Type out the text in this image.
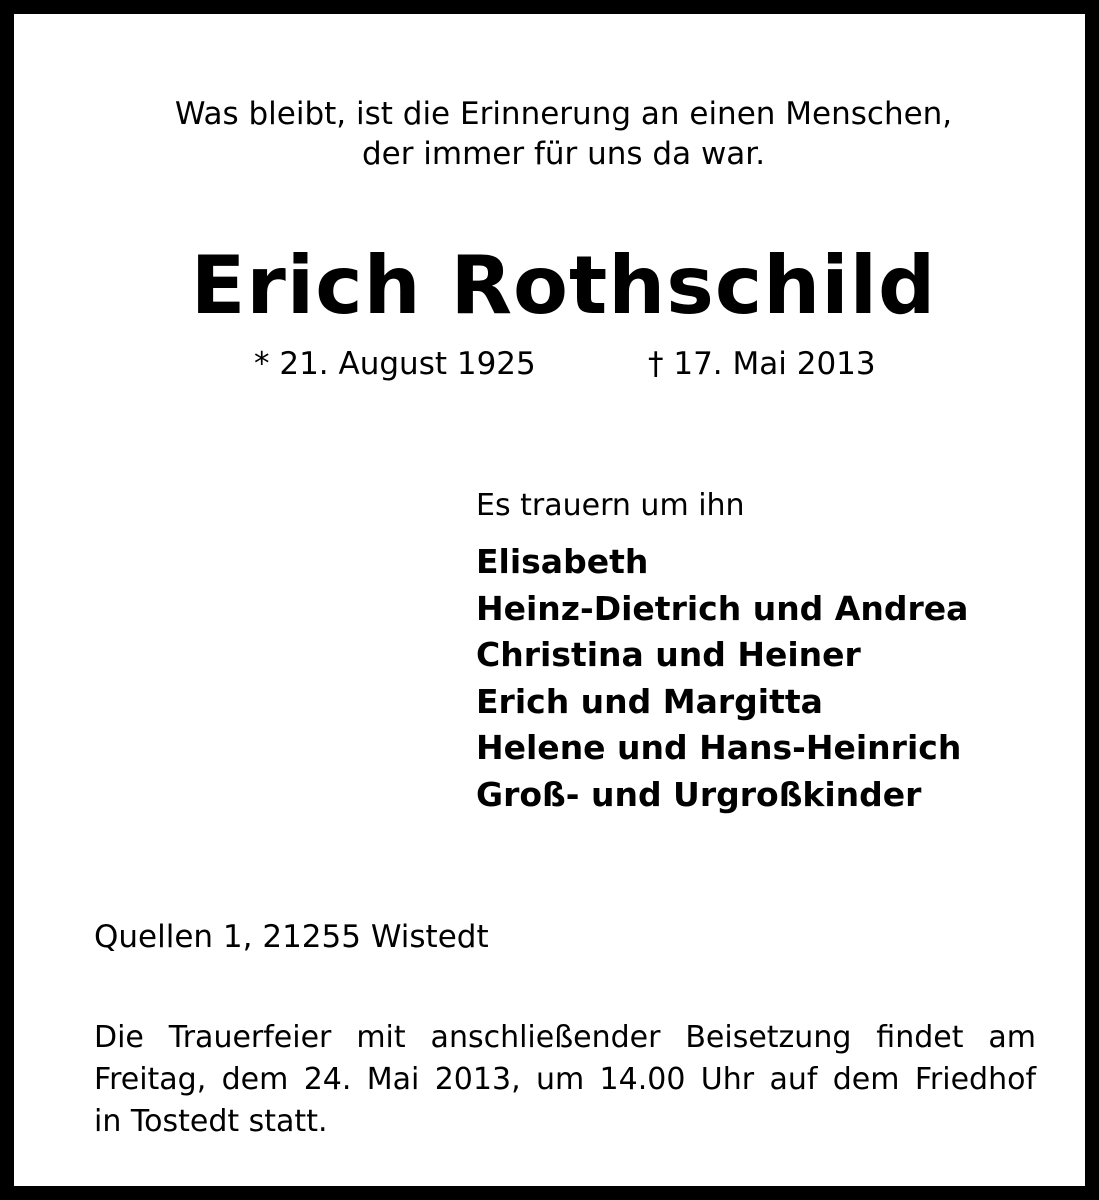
Was bleibt, ist die Erinnerung an einen Menschen,

der immer für uns da war.

Erich Rothschild
* 21. August 1925	† 17. Mai 2013

Es trauern um ihn

Elisabeth
Heinz-Dietrich und Andrea
Christina und Heiner
Erich und Margitta
Helene und Hans-Heinrich
Groß- und Urgroßkinder

Quellen 1, 21255 Wistedt

Die Trauerfeier mit anschließender Beisetzung findet am
Freitag, dem 24. Mai 2013, um 14.00 Uhr auf dem Friedhof
in Tostedt statt.
